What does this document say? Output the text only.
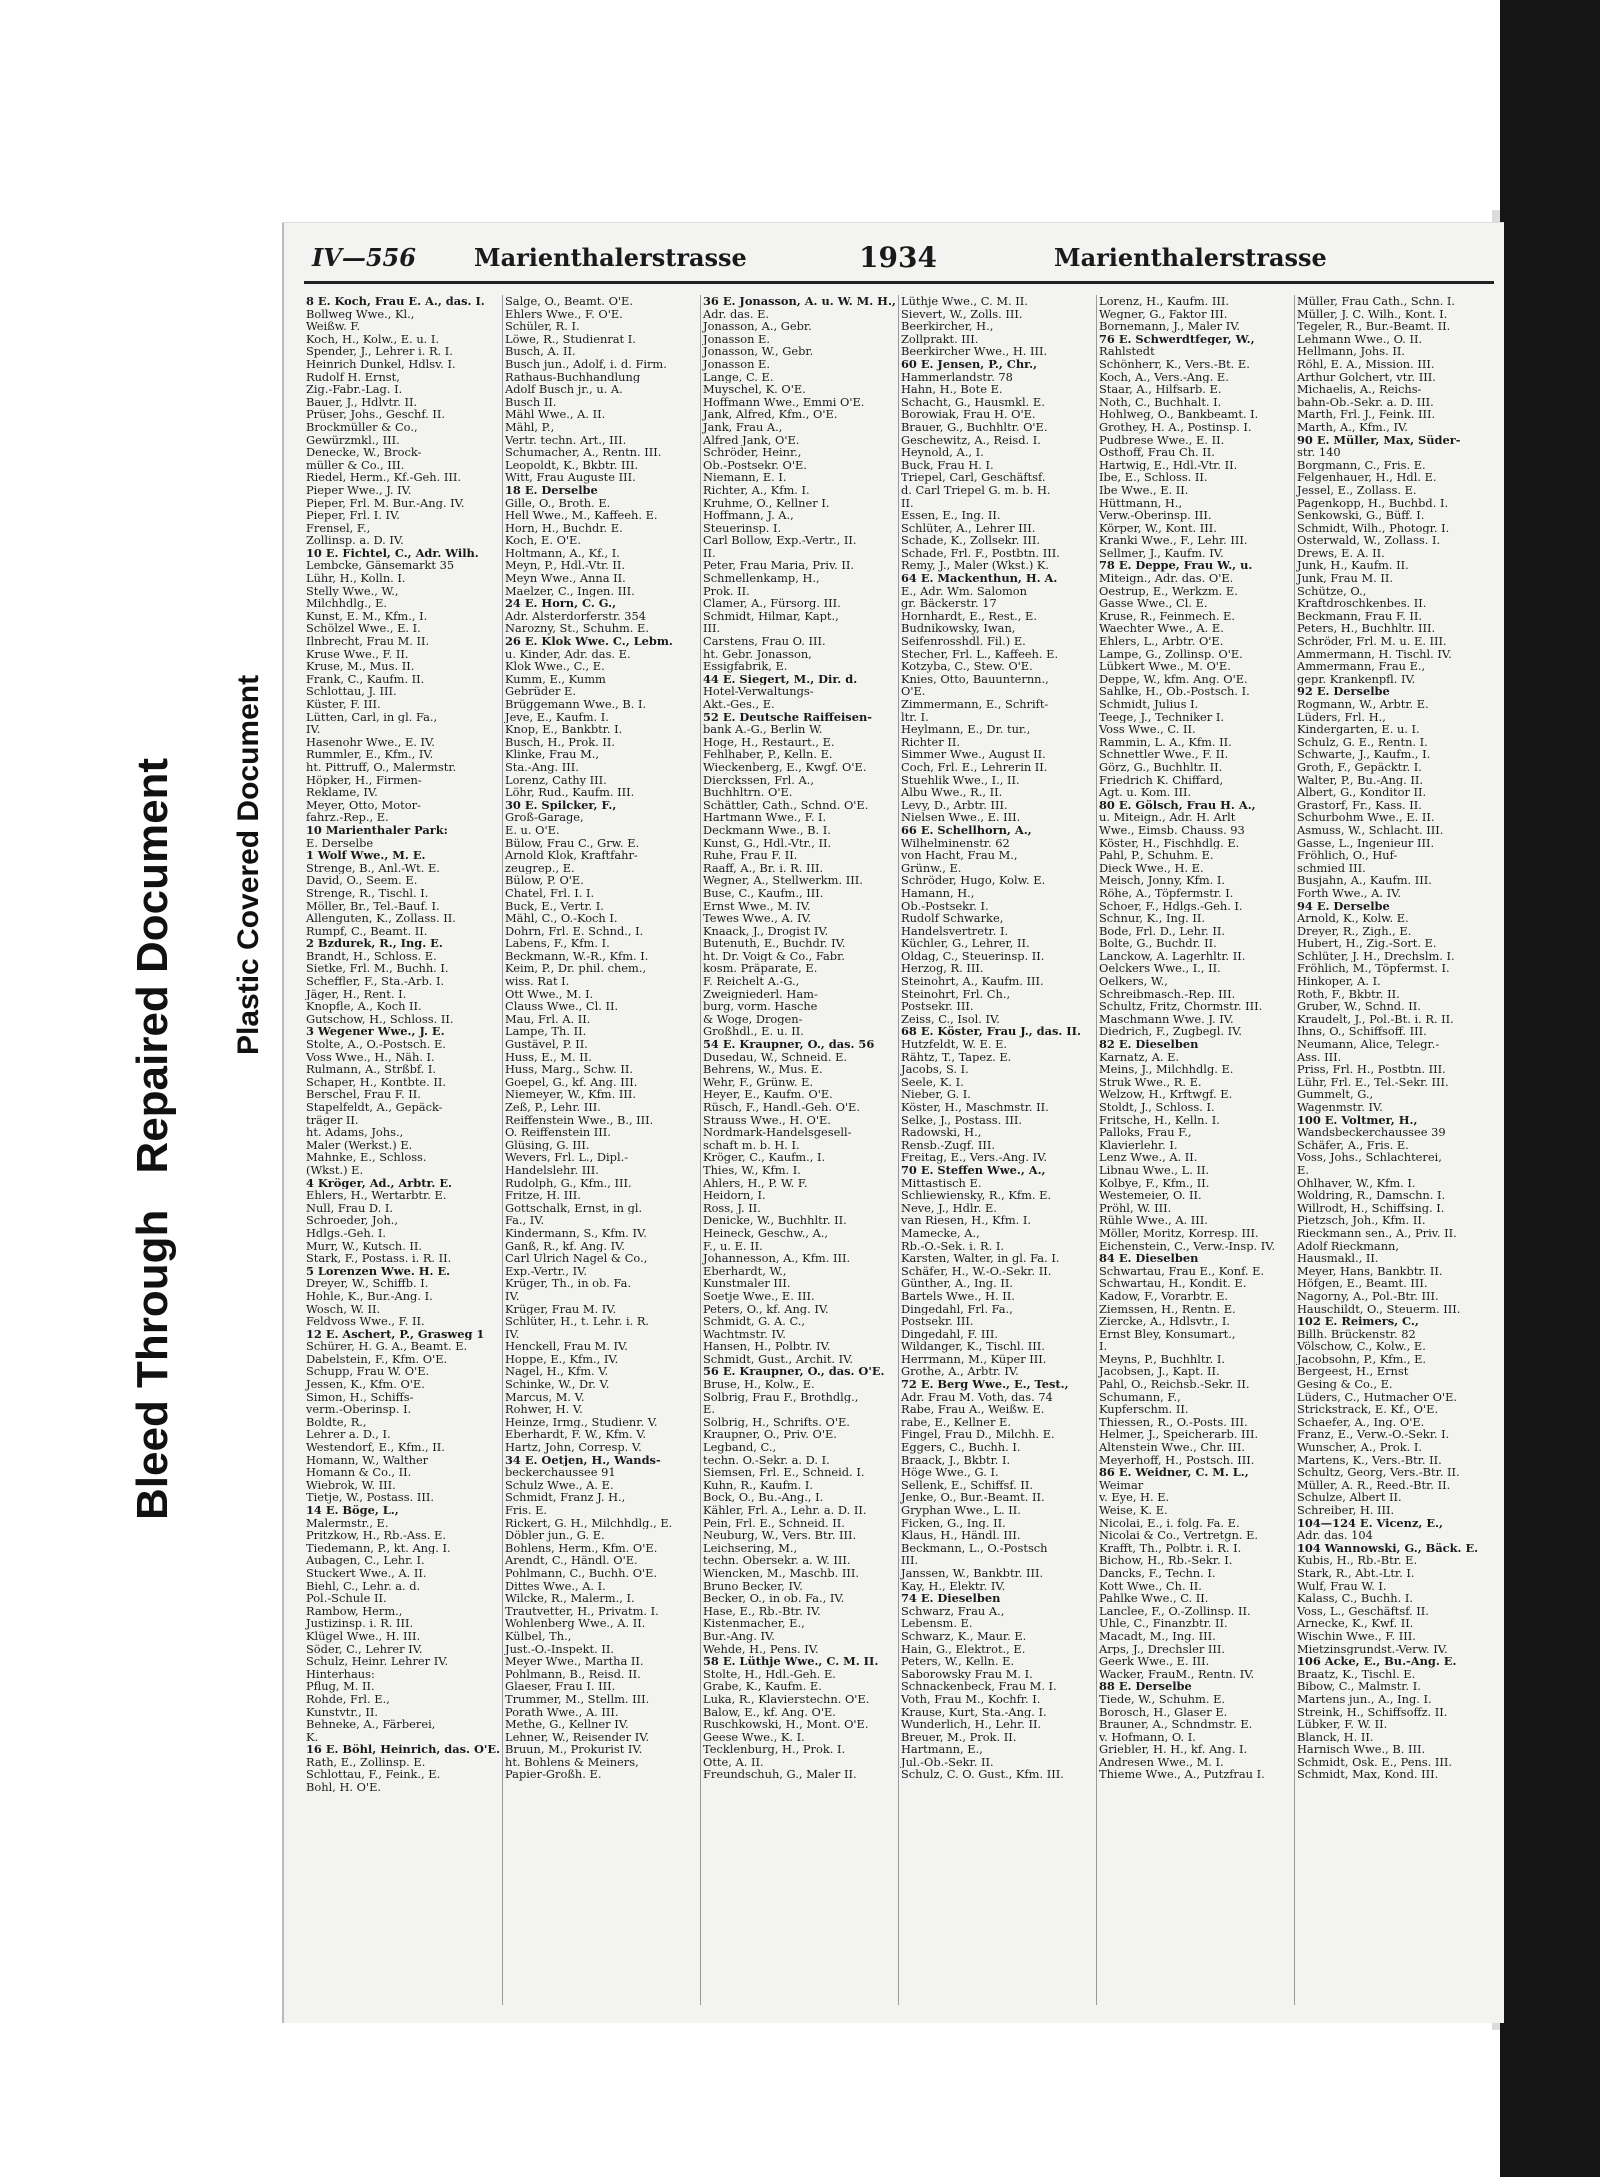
Bleed ThroughRepaired Document Plastic Covered Document
IV—556 Marienthalerstrasse	1934	Marienthalerstrasse
8 E. Koch, Frau E. A., das. I.
Bollweg Wwe., Kl.,
Weißw. F.
Koch, H., Kolw., E. u. I.
Spender, J., Lehrer i. R. I.
Heinrich Dunkel, Hdlsv. I.
Rudolf H. Ernst,
Zig.-Fabr.-Lag. I.
Bauer, J., Hdlvtr. II.
Prüser, Johs., Geschf. II.
Brockmüller & Co.,
Gewürzmkl., III.
Denecke, W., Brock-
müller & Co., III.
Riedel, Herm., Kf.-Geh. III.
Pieper Wwe., J. IV.
Pieper, Frl. M. Bur.-Ang. IV.
Pieper, Frl. I. IV.
Frensel, F.,
Zollinsp. a. D. IV.
10 E. Fichtel, C., Adr. Wilh.
Lembcke, Gänsemarkt 35
Lühr, H., Kolln. I.
Stelly Wwe., W.,
Milchhdlg., E.
Kunst, E. M., Kfm., I.
Schölzel Wwe., E. I.
Ilnbrecht, Frau M. II.
Kruse Wwe., F. II.
Kruse, M., Mus. II.
Frank, C., Kaufm. II.
Schlottau, J. III.
Küster, F. III.
Lütten, Carl, in gl. Fa.,
IV.
Hasenohr Wwe., E. IV.
Rummler, E., Kfm., IV.
ht. Pittruff, O., Malermstr.
Höpker, H., Firmen-
Reklame, IV.
Meyer, Otto, Motor-
fahrz.-Rep., E.
10 Marienthaler Park:
E. Derselbe
1 Wolf Wwe., M. E.
Strenge, B., Anl.-Wt. E.
David, O., Seem. E.
Strenge, R., Tischl. I.
Möller, Br., Tel.-Bauf. I.
Allenguten, K., Zollass. II.
Rumpf, C., Beamt. II.
2 Bzdurek, R., Ing. E.
Brandt, H., Schloss. E.
Sietke, Frl. M., Buchh. I.
Scheffler, F., Sta.-Arb. I.
Jäger, H., Rent. I.
Knopfle, A., Koch II.
Gutschow, H., Schloss. II.
3 Wegener Wwe., J. E.
Stolte, A., O.-Postsch. E.
Voss Wwe., H., Näh. I.
Rulmann, A., Strßbf. I.
Schaper, H., Kontbte. II.
Berschel, Frau F. II.
Stapelfeldt, A., Gepäck-
träger II.
ht. Adams, Johs.,
Maler (Werkst.) E.
Mahnke, E., Schloss.
(Wkst.) E.
4 Kröger, Ad., Arbtr. E.
Ehlers, H., Wertarbtr. E.
Null, Frau D. I.
Schroeder, Joh.,
Hdlgs.-Geh. I.
Murr, W., Kutsch. II.
Stark, F., Postass. i. R. II.
5 Lorenzen Wwe. H. E.
Dreyer, W., Schiffb. I.
Hohle, K., Bur.-Ang. I.
Wosch, W. II.
Feldvoss Wwe., F. II.
12 E. Aschert, P., Grasweg 1
Schürer, H. G. A., Beamt. E.
Dabelstein, F., Kfm. O'E.
Schupp, Frau W. O'E.
Jessen, K., Kfm. O'E.
Simon, H., Schiffs-
verm.-Oberinsp. I.
Boldte, R.,
Lehrer a. D., I.
Westendorf, E., Kfm., II.
Homann, W., Walther
Homann & Co., II.
Wiebrok, W. III.
Tietje, W., Postass. III.
14 E. Böge, L.,
Malermstr., E.
Pritzkow, H., Rb.-Ass. E.
Tiedemann, P., kt. Ang. I.
Aubagen, C., Lehr. I.
Stuckert Wwe., A. II.
Biehl, C., Lehr. a. d.
Pol.-Schule II.
Rambow, Herm.,
Justizinsp. i. R. III.
Klügel Wwe., H. III.
Söder, C., Lehrer IV.
Schulz, Heinr. Lehrer IV.
Hinterhaus:
Pflug, M. II.
Rohde, Frl. E.,
Kunstvtr., II.
Behneke, A., Färberei,
K.
16 E. Böhl, Heinrich, das. O'E.
Rath, E., Zollinsp. E.
Schlottau, F., Feink., E.
Bohl, H. O'E.
Salge, O., Beamt. O'E.
Ehlers Wwe., F. O'E.
Schüler, R. I.
Löwe, R., Studienrat I.
Busch, A. II.
Busch jun., Adolf, i. d. Firm.
Rathaus-Buchhandlung
Adolf Busch jr., u. A.
Busch II.
Mähl Wwe., A. II.
Mähl, P.,
Vertr. techn. Art., III.
Schumacher, A., Rentn. III.
Leopoldt, K., Bkbtr. III.
Witt, Frau Auguste III.
18 E. Derselbe
Gille, O., Broth. E.
Hell Wwe., M., Kaffeeh. E.
Horn, H., Buchdr. E.
Koch, E. O'E.
Holtmann, A., Kf., I.
Meyn, P., Hdl.-Vtr. II.
Meyn Wwe., Anna II.
Maelzer, C., Ingen. III.
24 E. Horn, C. G.,
Adr. Alsterdorferstr. 354
Narozny, St., Schuhm. E.
26 E. Klok Wwe. C., Lebm.
u. Kinder, Adr. das. E.
Klok Wwe., C., E.
Kumm, E., Kumm
Gebrüder E.
Brüggemann Wwe., B. I.
Jeve, E., Kaufm. I.
Knop, E., Bankbtr. I.
Busch, H., Prok. II.
Klinke, Frau M.,
Sta.-Ang. III.
Lorenz, Cathy III.
Löhr, Rud., Kaufm. III.
30 E. Spilcker, F.,
Groß-Garage,
E. u. O'E.
Bülow, Frau C., Grw. E.
Arnold Klok, Kraftfahr-
zeugrep., E.
Bülow, P. O'E.
Chatel, Frl. I. I.
Buck, E., Vertr. I.
Mähl, C., O.-Koch I.
Dohrn, Frl. E. Schnd., I.
Labens, F., Kfm. I.
Beckmann, W.-R., Kfm. I.
Keim, P., Dr. phil. chem.,
wiss. Rat I.
Ott Wwe., M. I.
Clauss Wwe., Cl. II.
Mau, Frl. A. II.
Lampe, Th. II.
Gustävel, P. II.
Huss, E., M. II.
Huss, Marg., Schw. II.
Goepel, G., kf. Ang. III.
Niemeyer, W., Kfm. III.
Zeß, P., Lehr. III.
Reiffenstein Wwe., B., III.
O. Reiffenstein III.
Glüsing, G. III.
Wevers, Frl. L., Dipl.-
Handelslehr. III.
Rudolph, G., Kfm., III.
Fritze, H. III.
Gottschalk, Ernst, in gl.
Fa., IV.
Kindermann, S., Kfm. IV.
Ganß, R., kf. Ang. IV.
Carl Ulrich Nagel & Co.,
Exp.-Vertr., IV.
Krüger, Th., in ob. Fa.
IV.
Krüger, Frau M. IV.
Schlüter, H., t. Lehr. i. R.
IV.
Henckell, Frau M. IV.
Hoppe, E., Kfm., IV.
Nagel, H., Kfm. V.
Schinke, W., Dr. V.
Marcus, M. V.
Rohwer, H. V.
Heinze, Irmg., Studienr. V.
Eberhardt, F. W., Kfm. V.
Hartz, John, Corresp. V.
34 E. Oetjen, H., Wands-
beckerchaussee 91
Schulz Wwe., A. E.
Schmidt, Franz J. H.,
Fris. E.
Rickert, G. H., Milchhdlg., E.
Döbler jun., G. E.
Bohlens, Herm., Kfm. O'E.
Arendt, C., Händl. O'E.
Pohlmann, C., Buchh. O'E.
Dittes Wwe., A. I.
Wilcke, R., Malerm., I.
Trautvetter, H., Privatm. I.
Wohlenberg Wwe., A. II.
Külbel, Th.,
Just.-O.-Inspekt. II.
Meyer Wwe., Martha II.
Pohlmann, B., Reisd. II.
Glaeser, Frau I. III.
Trummer, M., Stellm. III.
Porath Wwe., A. III.
Methe, G., Kellner IV.
Lehner, W., Reisender IV.
Bruun, M., Prokurist IV.
ht. Bohlens & Meiners,
Papier-Großh. E.
36 E. Jonasson, A. u. W. M. H.,
Adr. das. E.
Jonasson, A., Gebr.
Jonasson E.
Jonasson, W., Gebr.
Jonasson E.
Lange, C. E.
Muyschel, K. O'E.
Hoffmann Wwe., Emmi O'E.
Jank, Alfred, Kfm., O'E.
Jank, Frau A.,
Alfred Jank, O'E.
Schröder, Heinr.,
Ob.-Postsekr. O'E.
Niemann, E. I.
Richter, A., Kfm. I.
Kruhme, O., Kellner I.
Hoffmann, J. A.,
Steuerinsp. I.
Carl Bollow, Exp.-Vertr., II.
II.
Peter, Frau Maria, Priv. II.
Schmellenkamp, H.,
Prok. II.
Clamer, A., Fürsorg. III.
Schmidt, Hilmar, Kapt.,
III.
Carstens, Frau O. III.
ht. Gebr. Jonasson,
Essigfabrik, E.
44 E. Siegert, M., Dir. d.
Hotel-Verwaltungs-
Akt.-Ges., E.
52 E. Deutsche Raiffeisen-
bank A.-G., Berlin W.
Hoge, H., Restaurt., E.
Fehlhaber, P., Kelln. E.
Wieckenberg, E., Kwgf. O'E.
Dierckssen, Frl. A.,
Buchhltrn. O'E.
Schättler, Cath., Schnd. O'E.
Hartmann Wwe., F. I.
Deckmann Wwe., B. I.
Kunst, G., Hdl.-Vtr., II.
Ruhe, Frau F. II.
Raaff, A., Br. i. R. III.
Wegner, A., Stellwerkm. III.
Buse, C., Kaufm., III.
Ernst Wwe., M. IV.
Tewes Wwe., A. IV.
Knaack, J., Drogist IV.
Butenuth, E., Buchdr. IV.
ht. Dr. Voigt & Co., Fabr.
kosm. Präparate, E.
F. Reichelt A.-G.,
Zweigniederl. Ham-
burg, vorm. Hasche
& Woge, Drogen-
Großhdl., E. u. II.
54 E. Kraupner, O., das. 56
Dusedau, W., Schneid. E.
Behrens, W., Mus. E.
Wehr, F., Grünw. E.
Heyer, E., Kaufm. O'E.
Rüsch, F., Handl.-Geh. O'E.
Strauss Wwe., H. O'E.
Nordmark-Handelsgesell-
schaft m. b. H. I.
Kröger, C., Kaufm., I.
Thies, W., Kfm. I.
Ahlers, H., P. W. F.
Heidorn, I.
Ross, J. II.
Denicke, W., Buchhltr. II.
Heineck, Geschw., A.,
F., u. E. II.
Johannesson, A., Kfm. III.
Eberhardt, W.,
Kunstmaler III.
Soetje Wwe., E. III.
Peters, O., kf. Ang. IV.
Schmidt, G. A. C.,
Wachtmstr. IV.
Hansen, H., Polbtr. IV.
Schmidt, Gust., Archit. IV.
56 E. Kraupner, O., das. O'E.
Bruse, H., Kolw., E.
Solbrig, Frau F., Brothdlg.,
E.
Solbrig, H., Schrifts. O'E.
Kraupner, O., Priv. O'E.
Legband, C.,
techn. O.-Sekr. a. D. I.
Siemsen, Frl. E., Schneid. I.
Kuhn, R., Kaufm. I.
Bock, O., Bu.-Ang., I.
Kähler, Frl. A., Lehr. a. D. II.
Pein, Frl. E., Schneid. II.
Neuburg, W., Vers. Btr. III.
Leichsering, M.,
techn. Obersekr. a. W. III.
Wiencken, M., Maschb. III.
Bruno Becker, IV.
Becker, O., in ob. Fa., IV.
Hase, E., Rb.-Btr. IV.
Kistenmacher, E.,
Bur.-Ang. IV.
Wehde, H., Pens. IV.
58 E. Lüthje Wwe., C. M. II.
Stolte, H., Hdl.-Geh. E.
Grabe, K., Kaufm. E.
Luka, R., Klavierstechn. O'E.
Balow, E., kf. Ang. O'E.
Ruschkowski, H., Mont. O'E.
Geese Wwe., K. I.
Tecklenburg, H., Prok. I.
Otte, A. II.
Freundschuh, G., Maler II.
Lüthje Wwe., C. M. II.
Sievert, W., Zolls. III.
Beerkircher, H.,
Zollprakt. III.
Beerkircher Wwe., H. III.
60 E. Jensen, P., Chr.,
Hammerlandstr. 78
Hahn, H., Bote E.
Schacht, G., Hausmkl. E.
Borowiak, Frau H. O'E.
Brauer, G., Buchhltr. O'E.
Geschewitz, A., Reisd. I.
Heynold, A., I.
Buck, Frau H. I.
Triepel, Carl, Geschäftsf.
d. Carl Triepel G. m. b. H.
II.
Essen, E., Ing. II.
Schlüter, A., Lehrer III.
Schade, K., Zollsekr. III.
Schade, Frl. F., Postbtn. III.
Remy, J., Maler (Wkst.) K.
64 E. Mackenthun, H. A.
E., Adr. Wm. Salomon
gr. Bäckerstr. 17
Hornhardt, E., Rest., E.
Budnikowsky, Iwan,
Seifenrosshdl. Fil.) E.
Stecher, Frl. L., Kaffeeh. E.
Kotzyba, C., Stew. O'E.
Knies, Otto, Bauunternn.,
O'E.
Zimmermann, E., Schrift-
ltr. I.
Heylmann, E., Dr. tur.,
Richter II.
Simmer Wwe., August II.
Coch, Frl. E., Lehrerin II.
Stuehlik Wwe., I., II.
Albu Wwe., R., II.
Levy, D., Arbtr. III.
Nielsen Wwe., E. III.
66 E. Schellhorn, A.,
Wilhelminenstr. 62
von Hacht, Frau M.,
Grünw., E.
Schröder, Hugo, Kolw. E.
Hamann, H.,
Ob.-Postsekr. I.
Rudolf Schwarke,
Handelsvertretr. I.
Küchler, G., Lehrer, II.
Oldag, C., Steuerinsp. II.
Herzog, R. III.
Steinohrt, A., Kaufm. III.
Steinohrt, Frl. Ch.,
Postsekr. III.
Zeiss, C., Isol. IV.
68 E. Köster, Frau J., das. II.
Hutzfeldt, W. E. E.
Rähtz, T., Tapez. E.
Jacobs, S. I.
Seele, K. I.
Nieber, G. I.
Köster, H., Maschmstr. II.
Selke, J., Postass. III.
Radowski, H.,
Rensb.-Zugf. III.
Freitag, E., Vers.-Ang. IV.
70 E. Steffen Wwe., A.,
Mittastisch E.
Schliewiensky, R., Kfm. E.
Neve, J., Hdlr. E.
van Riesen, H., Kfm. I.
Mamecke, A.,
Rb.-O.-Sek. i. R. I.
Karsten, Walter, in gl. Fa. I.
Schäfer, H., W.-O.-Sekr. II.
Günther, A., Ing. II.
Bartels Wwe., H. II.
Dingedahl, Frl. Fa.,
Postsekr. III.
Dingedahl, F. III.
Wildanger, K., Tischl. III.
Herrmann, M., Küper III.
Grothe, A., Arbtr. IV.
72 E. Berg Wwe., E., Test.,
Adr. Frau M. Voth, das. 74
Rabe, Frau A., Weißw. E.
rabe, E., Kellner E.
Fingel, Frau D., Milchh. E.
Eggers, C., Buchh. I.
Braack, J., Bkbtr. I.
Höge Wwe., G. I.
Sellenk, E., Schiffsf. II.
Jenke, O., Bur.-Beamt. II.
Gryphan Wwe., L. II.
Ficken, G., Ing. II.
Klaus, H., Händl. III.
Beckmann, L., O.-Postsch
III.
Janssen, W., Bankbtr. III.
Kay, H., Elektr. IV.
74 E. Dieselben
Schwarz, Frau A.,
Lebensm. E.
Schwarz, K., Maur. E.
Hain, G., Elektrot., E.
Peters, W., Kelln. E.
Saborowsky Frau M. I.
Schnackenbeck, Frau M. I.
Voth, Frau M., Kochfr. I.
Krause, Kurt, Sta.-Ang. I.
Wunderlich, H., Lehr. II.
Breuer, M., Prok. II.
Hartmann, E.,
Jul.-Ob.-Sekr. II.
Schulz, C. O. Gust., Kfm. III.
Lorenz, H., Kaufm. III.
Wegner, G., Faktor III.
Bornemann, J., Maler IV.
76 E. Schwerdtfeger, W.,
Rahlstedt
Schönherr, K., Vers.-Bt. E.
Koch, A., Vers.-Ang. E.
Staar, A., Hilfsarb. E.
Noth, C., Buchhalt. I.
Hohlweg, O., Bankbeamt. I.
Grothey, H. A., Postinsp. I.
Pudbrese Wwe., E. II.
Osthoff, Frau Ch. II.
Hartwig, E., Hdl.-Vtr. II.
Ibe, E., Schloss. II.
Ibe Wwe., E. II.
Hüttmann, H.,
Verw.-Oberinsp. III.
Körper, W., Kont. III.
Kranki Wwe., F., Lehr. III.
Sellmer, J., Kaufm. IV.
78 E. Deppe, Frau W., u.
Miteign., Adr. das. O'E.
Oestrup, E., Werkzm. E.
Gasse Wwe., Cl. E.
Kruse, R., Feinmech. E.
Waechter Wwe., A. E.
Ehlers, L., Arbtr. O'E.
Lampe, G., Zollinsp. O'E.
Lübkert Wwe., M. O'E.
Deppe, W., kfm. Ang. O'E.
Sahlke, H., Ob.-Postsch. I.
Schmidt, Julius I.
Teege, J., Techniker I.
Voss Wwe., C. II.
Rammin, L. A., Kfm. II.
Schnettler Wwe., F. II.
Görz, G., Buchhltr. II.
Friedrich K. Chiffard,
Agt. u. Kom. III.
80 E. Gölsch, Frau H. A.,
u. Miteign., Adr. H. Arlt
Wwe., Eimsb. Chauss. 93
Köster, H., Fischhdlg. E.
Pahl, P., Schuhm. E.
Dieck Wwe., H. E.
Meisch, Jonny, Kfm. I.
Röhe, A., Töpfermstr. I.
Schoer, F., Hdlgs.-Geh. I.
Schnur, K., Ing. II.
Bode, Frl. D., Lehr. II.
Bolte, G., Buchdr. II.
Lanckow, A. Lagerhltr. II.
Oelckers Wwe., I., II.
Oelkers, W.,
Schreibmasch.-Rep. III.
Schultz, Fritz, Chormstr. III.
Maschmann Wwe. J. IV.
Diedrich, F., Zugbegl. IV.
82 E. Dieselben
Karnatz, A. E.
Meins, J., Milchhdlg. E.
Struk Wwe., R. E.
Welzow, H., Krftwgf. E.
Stoldt, J., Schloss. I.
Fritsche, H., Kelln. I.
Palloks, Frau F.,
Klavierlehr. I.
Lenz Wwe., A. II.
Libnau Wwe., L. II.
Kolbye, F., Kfm., II.
Westemeier, O. II.
Pröhl, W. III.
Rühle Wwe., A. III.
Möller, Moritz, Korresp. III.
Eichenstein, C., Verw.-Insp. IV.
84 E. Dieselben
Schwartau, Frau E., Konf. E.
Schwartau, H., Kondit. E.
Kadow, F., Vorarbtr. E.
Ziemssen, H., Rentn. E.
Ziercke, A., Hdlsvtr., I.
Ernst Bley, Konsumart.,
I.
Meyns, P., Buchhltr. I.
Jacobsen, J., Kapt. II.
Pahl, O., Reichsb.-Sekr. II.
Schumann, F.,
Kupferschm. II.
Thiessen, R., O.-Posts. III.
Helmer, J., Speicherarb. III.
Altenstein Wwe., Chr. III.
Meyerhoff, H., Postsch. III.
86 E. Weidner, C. M. L.,
Weimar
v. Eye, H. E.
Weise, K. E.
Nicolai, E., i. folg. Fa. E.
Nicolai & Co., Vertretgn. E.
Krafft, Th., Polbtr. i. R. I.
Bichow, H., Rb.-Sekr. I.
Dancks, F., Techn. I.
Kott Wwe., Ch. II.
Pahlke Wwe., C. II.
Lanclee, F., O.-Zollinsp. II.
Uhle, C., Finanzbtr. II.
Macadt, M., Ing. III.
Arps, J., Drechsler III.
Geerk Wwe., E. III.
Wacker, FrauM., Rentn. IV.
88 E. Derselbe
Tiede, W., Schuhm. E.
Borosch, H., Glaser E.
Brauner, A., Schndmstr. E.
v. Hofmann, O. I.
Griebler, H. H., kf. Ang. I.
Andresen Wwe., M. I.
Thieme Wwe., A., Putzfrau I.
Müller, Frau Cath., Schn. I.
Müller, J. C. Wilh., Kont. I.
Tegeler, R., Bur.-Beamt. II.
Lehmann Wwe., O. II.
Hellmann, Johs. II.
Röhl, E. A., Mission. III.
Arthur Golchert, vtr. III.
Michaelis, A., Reichs-
bahn-Ob.-Sekr. a. D. III.
Marth, Frl. J., Feink. III.
Marth, A., Kfm., IV.
90 E. Müller, Max, Süder-
str. 140
Borgmann, C., Fris. E.
Felgenhauer, H., Hdl. E.
Jessel, E., Zollass. E.
Pagenkopp, H., Buchbd. I.
Senkowski, G., Büff. I.
Schmidt, Wilh., Photogr. I.
Osterwald, W., Zollass. I.
Drews, E. A. II.
Junk, H., Kaufm. II.
Junk, Frau M. II.
Schütze, O.,
Kraftdroschkenbes. II.
Beckmann, Frau F. II.
Peters, H., Buchhltr. III.
Schröder, Frl. M. u. E. III.
Ammermann, H. Tischl. IV.
Ammermann, Frau E.,
gepr. Krankenpfl. IV.
92 E. Derselbe
Rogmann, W., Arbtr. E.
Lüders, Frl. H.,
Kindergarten, E. u. I.
Schulz, G. E., Rentn. I.
Schwarte, J., Kaufm., I.
Groth, F., Gepäcktr. I.
Walter, P., Bu.-Ang. II.
Albert, G., Konditor II.
Grastorf, Fr., Kass. II.
Schurbohm Wwe., E. II.
Asmuss, W., Schlacht. III.
Gasse, L., Ingenieur III.
Fröhlich, O., Huf-
schmied III.
Busjahn, A., Kaufm. III.
Forth Wwe., A. IV.
94 E. Derselbe
Arnold, K., Kolw. E.
Dreyer, R., Zigh., E.
Hubert, H., Zig.-Sort. E.
Schlüter, J. H., Drechslm. I.
Fröhlich, M., Töpfermst. I.
Hinkoper, A. I.
Roth, F., Bkbtr. II.
Gruber, W., Schnd. II.
Kraudelt, J., Pol.-Bt. i. R. II.
Ihns, O., Schiffsoff. III.
Neumann, Alice, Telegr.-
Ass. III.
Priss, Frl. H., Postbtn. III.
Lühr, Frl. E., Tel.-Sekr. III.
Gummelt, G.,
Wagenmstr. IV.
100 E. Voltmer, H.,
Wandsbeckerchaussee 39
Schäfer, A., Fris. E.
Voss, Johs., Schlachterei,
E.
Ohlhaver, W., Kfm. I.
Woldring, R., Damschn. I.
Willrodt, H., Schiffsing. I.
Pietzsch, Joh., Kfm. II.
Rieckmann sen., A., Priv. II.
Adolf Rieckmann,
Hausmakl., II.
Meyer, Hans, Bankbtr. II.
Höfgen, E., Beamt. III.
Nagorny, A., Pol.-Btr. III.
Hauschildt, O., Steuerm. III.
102 E. Reimers, C.,
Billh. Brückenstr. 82
Völschow, C., Kolw., E.
Jacobsohn, P., Kfm., E.
Bergeest, H., Ernst
Gesing & Co., E.
Lüders, C., Hutmacher O'E.
Strickstrack, E. Kf., O'E.
Schaefer, A., Ing. O'E.
Franz, E., Verw.-O.-Sekr. I.
Wunscher, A., Prok. I.
Martens, K., Vers.-Btr. II.
Schultz, Georg, Vers.-Btr. II.
Müller, A. R., Reed.-Btr. II.
Schulze, Albert II.
Schreiber, H. III.
104—124 E. Vicenz, E.,
Adr. das. 104
104 Wannowski, G., Bäck. E.
Kubis, H., Rb.-Btr. E.
Stark, R., Abt.-Ltr. I.
Wulf, Frau W. I.
Kalass, C., Buchh. I.
Voss, L., Geschäftsf. II.
Arnecke, K., Kwf. II.
Wischin Wwe., F. III.
Mietzinsgrundst.-Verw. IV.
106 Acke, E., Bu.-Ang. E.
Braatz, K., Tischl. E.
Bibow, C., Malmstr. I.
Martens jun., A., Ing. I.
Streink, H., Schiffsoffz. II.
Lübker, F. W. II.
Blanck, H. II.
Harnisch Wwe., B. III.
Schmidt, Osk. E., Pens. III.
Schmidt, Max, Kond. III.
